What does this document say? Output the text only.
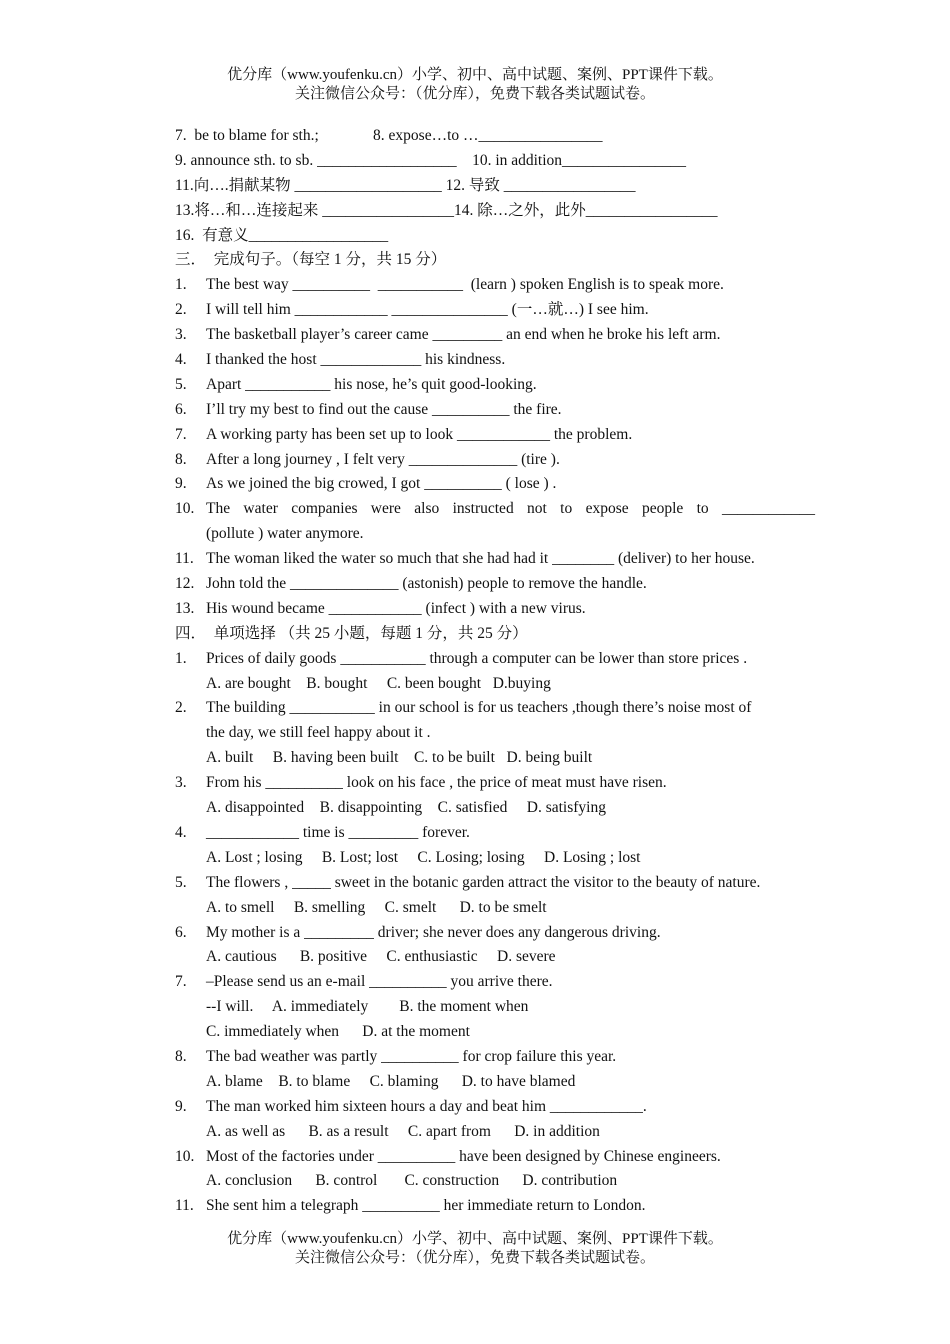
优分库（www.youfenku.cn）小学、初中、高中试题、案例、PPT课件下载。
关注微信公众号：（优分库），免费下载各类试题试卷。
7.  be to blame for sth.;              8. expose…to …________________
9. announce sth. to sb. __________________    10. in addition________________
11.向….捐献某物 ___________________ 12. 导致 _________________
13.将…和…连接起来 _________________14. 除…之外，此外_________________
16.  有意义__________________
三．  完成句子。（每空 1 分，共 15 分）
1.	The best way __________  ___________  (learn ) spoken English is to speak more.
2.	I will tell him ____________ _______________ (一…就…) I see him.
3.	The basketball player’s career came _________ an end when he broke his left arm.
4.	I thanked the host _____________ his kindness.
5.	Apart ___________ his nose, he’s quit good-looking.
6.	I’ll try my best to find out the cause __________ the fire.
7.	A working party has been set up to look ____________ the problem.
8.	After a long journey , I felt very ______________ (tire ).
9.	As we joined the big crowed, I got __________ ( lose ) .
10. The water companies were also instructed not to expose people to ____________
(pollute ) water anymore.
11. The woman liked the water so much that she had had it ________ (deliver) to her house.
12. John told the ______________ (astonish) people to remove the handle.
13. His wound became ____________ (infect ) with a new virus.
四．  单项选择 （共 25 小题，每题 1 分，共 25 分）
1.	Prices of daily goods ___________ through a computer can be lower than store prices .
A. are bought    B. bought     C. been bought   D.buying
2.	The building ___________ in our school is for us teachers ,though there’s noise most of
the day, we still feel happy about it .
A. built     B. having been built    C. to be built   D. being built
3.	From his __________ look on his face , the price of meat must have risen.
A. disappointed    B. disappointing    C. satisfied     D. satisfying
4.	____________ time is _________ forever.
A. Lost ; losing     B. Lost; lost     C. Losing; losing     D. Losing ; lost
5.	The flowers , _____ sweet in the botanic garden attract the visitor to the beauty of nature.
A. to smell     B. smelling     C. smelt      D. to be smelt
6.	My mother is a _________ driver; she never does any dangerous driving.
A. cautious      B. positive     C. enthusiastic     D. severe
7.	–Please send us an e-mail __________ you arrive there.
--I will.     A. immediately        B. the moment when
C. immediately when      D. at the moment
8.	The bad weather was partly __________ for crop failure this year.
A. blame    B. to blame     C. blaming      D. to have blamed
9.	The man worked him sixteen hours a day and beat him ____________.
A. as well as      B. as a result     C. apart from      D. in addition
10. Most of the factories under __________ have been designed by Chinese engineers.
A. conclusion      B. control       C. construction      D. contribution
11. She sent him a telegraph __________ her immediate return to London.
优分库（www.youfenku.cn）小学、初中、高中试题、案例、PPT课件下载。
关注微信公众号：（优分库），免费下载各类试题试卷。
